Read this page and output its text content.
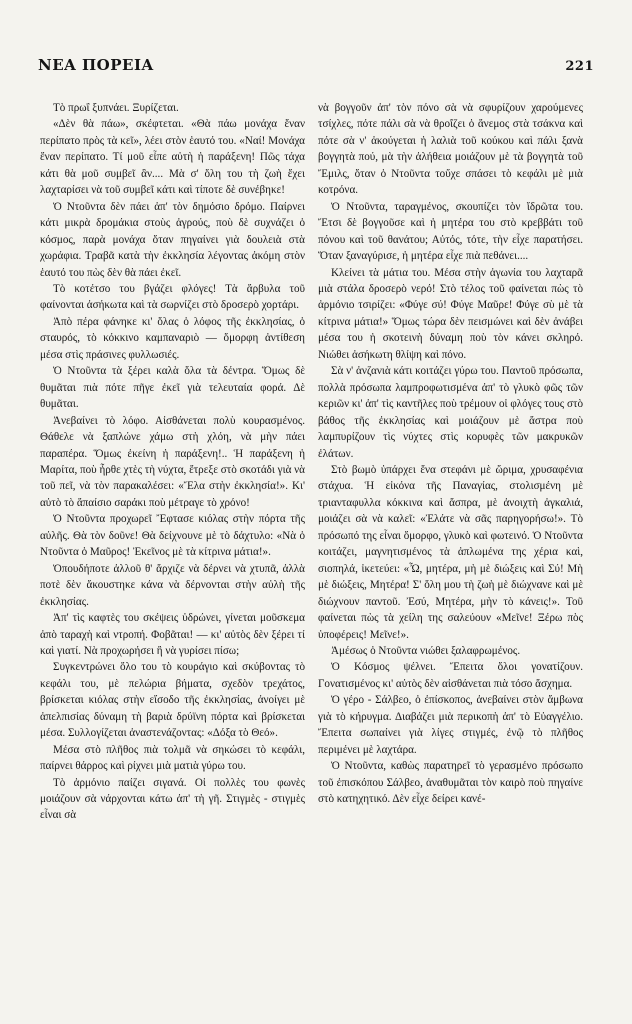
ΝΕΑ ΠΟΡΕΙΑ	221

Τὸ πρωΐ ξυπνάει. Ξυρίζεται.

«Δὲν θὰ πάω», σκέφτεται. «Θὰ πάω μονάχα ἕναν περίπατο πρὸς τὰ κεῖ», λέει στὸν ἑαυτό του. «Ναί! Μονάχα ἕναν περίπατο. Τί μοῦ εἶπε αὐτὴ ἡ παράξενη! Πῶς τάχα κάτι θὰ μοῦ συμβεῖ ἂν.... Μὰ σ' ὅλη του τὴ ζωὴ ἔχει λαχταρίσει νὰ τοῦ συμβεῖ κάτι καὶ τίποτε δὲ συνέβηκε!

Ὁ Ντοῦντα δὲν πάει ἀπ' τὸν δημόσιο δρόμο. Παίρνει κάτι μικρὰ δρομάκια στοὺς ἀγρούς, ποὺ δὲ συχνάζει ὁ κόσμος, παρὰ μονάχα ὅταν πηγαίνει γιὰ δουλειὰ στὰ χωράφια. Τραβᾶ κατὰ τὴν ἐκκλησία λέγοντας ἀκόμη στὸν ἑαυτό του πὼς δὲν θὰ πάει ἐκεῖ.

Τὸ κοτέτσο του βγάζει φλόγες! Τὰ ἄρβυλα τοῦ φαίνονται ἀσήκωτα καὶ τὰ σωρνίζει στὸ δροσερὸ χορτάρι.

Ἀπὸ πέρα φάνηκε κι' ὅλας ὁ λόφος τῆς ἐκκλησίας, ὁ σταυρός, τὸ κόκκινο καμπαναριὸ — ὄμορφη ἀντίθεση μέσα στὶς πράσινες φυλλωσιές.

Ὁ Ντοῦντα τὰ ξέρει καλὰ ὅλα τὰ δέντρα. Ὅμως δὲ θυμᾶται πιὰ πότε πῆγε ἐκεῖ γιὰ τελευταία φορά. Δὲ θυμᾶται.

Ἀνεβαίνει τὸ λόφο. Αἰσθάνεται πολὺ κουρασμένος. Θάθελε νὰ ξαπλώνε χάμω στὴ χλόη, νὰ μὴν πάει παραπέρα. Ὅμως ἐκείνη ἡ παράξενη!.. Ἡ παράξενη ἡ Μαρίτα, ποὺ ἦρθε χτὲς τὴ νύχτα, ἔτρεξε στὸ σκοτάδι γιὰ νὰ τοῦ πεῖ, νὰ τὸν παρακαλέσει: «Ἔλα στὴν ἐκκλησία!». Κι' αὐτὸ τὸ ἄπαίσιο σαράκι ποὺ μέτραγε τὸ χρόνο!

Ὁ Ντοῦντα προχωρεῖ Ἔφτασε κιόλας στὴν πόρτα τῆς αὐλῆς. Θὰ τὸν δοῦνε! Θὰ δείχνουνε μὲ τὸ δάχτυλο: «Νὰ ὁ Ντοῦντα ὁ Μαῦρος! Ἐκεῖνος μὲ τὰ κίτρινα μάτια!».

Ὁπουδήποτε ἀλλοῦ θ' ἄρχιζε νὰ δέρνει νὰ χτυπᾶ, ἀλλὰ ποτὲ δὲν ἄκουστηκε κάνα νὰ δέρνονται στὴν αὐλὴ τῆς ἐκκλησίας.

Ἀπ' τὶς καφτὲς του σκέψεις ὑδρώνει, γίνεται μοῦσκεμα ἀπὸ ταραχὴ καὶ ντροπή. Φοβᾶται! — κι' αὐτὸς δὲν ξέρει τί καὶ γιατί. Νὰ προχωρήσει ἢ νὰ γυρίσει πίσω;

Συγκεντρώνει ὅλο του τὸ κουράγιο καὶ σκύβοντας τὸ κεφάλι του, μὲ πελώρια βήματα, σχεδὸν τρεχάτος, βρίσκεται κιόλας στὴν εἴσοδο τῆς ἐκκλησίας, ἀνοίγει μὲ ἀπελπισίας δύναμη τὴ βαριὰ δρύϊνη πόρτα καὶ βρίσκεται μέσα. Συλλογίζεται ἀναστενάζοντας: «Δόξα τὸ Θεό».

Μέσα στὸ πλῆθος πιὰ τολμᾶ νὰ σηκώσει τὸ κεφάλι, παίρνει θάρρος καὶ ρίχνει μιὰ ματιὰ γύρω του.

Τὸ ἁρμόνιο παίζει σιγανά. Οἱ πολλὲς του φωνὲς μοιάζουν σὰ νάρχονται κάτω ἀπ' τὴ γῆ. Στιγμὲς - στιγμὲς εἶναι σὰ

νὰ βογγοῦν ἀπ' τὸν πόνο σὰ νὰ σφυρίζουν χαρούμενες τσίχλες, πότε πάλι σὰ νὰ θροΐζει ὁ ἄνεμος στὰ τσάκνα καὶ πότε σὰ ν' ἀκούγεται ἡ λαλιὰ τοῦ κούκου καὶ πάλι ξανὰ βογγητὰ πού, μὰ τὴν ἀλήθεια μοιάζουν μὲ τὰ βογγητὰ τοῦ Ἔμιλς, ὅταν ὁ Ντοῦντα τοὔχε σπάσει τὸ κεφάλι μὲ μιὰ κοτρόνα.

Ὁ Ντοῦντα, ταραγμένος, σκουπίζει τὸν ἵδρῶτα του. Ἔτσι δὲ βογγοῦσε καὶ ἡ μητέρα του στὸ κρεββάτι τοῦ πόνου καὶ τοῦ θανάτου; Αὐτός, τότε, τὴν εἶχε παρατήσει. Ὅταν ξαναγύρισε, ἡ μητέρα εἶχε πιὰ πεθάνει....

Κλείνει τὰ μάτια του. Μέσα στὴν ἀγωνία του λαχταρᾶ μιὰ στάλα δροσερὸ νερό! Στὸ τέλος τοῦ φαίνεται πὼς τὸ ἁρμόνιο τσιρίζει: «Φύγε σύ! Φύγε Μαῦρε! Φύγε σὺ μὲ τὰ κίτρινα μάτια!» Ὅμως τώρα δὲν πεισμώνει καὶ δὲν ἀνάβει μέσα του ἡ σκοτεινὴ δύναμη ποὺ τὸν κάνει σκληρό. Νιώθει ἀσήκωτη θλίψη καὶ πόνο.

Σὰ ν' ἀνζανιὰ κάτι κοιτάζει γύρω του. Παντοῦ πρόσωπα, πολλὰ πρόσωπα λαμπροφωτισμένα ἀπ' τὸ γλυκὸ φῶς τῶν κεριῶν κι' ἀπ' τὶς καντῆλες ποὺ τρέμουν οἱ φλόγες τους στὸ βάθος τῆς ἐκκλησίας καὶ μοιάζουν μὲ ἄστρα ποὺ λαμπυρίζουν τὶς νύχτες στὶς κορυφὲς τῶν μακρυκῶν ἐλάτων.

Στὸ βωμὸ ὑπάρχει ἕνα στεφάνι μὲ ὥριμα, χρυσαφένια στάχυα. Ἡ εἰκόνα τῆς Παναγίας, στολισμένη μὲ τριανταφυλλα κόκκινα καὶ ἄσπρα, μὲ ἀνοιχτὴ ἀγκαλιά, μοιάζει σὰ νὰ καλεῖ: «Ἐλάτε νὰ σᾶς παρηγορήσω!». Τὸ πρόσωπό της εἶναι ὄμορφο, γλυκὸ καὶ φωτεινό. Ὁ Ντοῦντα κοιτάζει, μαγνητισμένος τὰ ἁπλωμένα της χέρια καὶ, σιοπηλά, ἱκετεύει: «Ὦ, μητέρα, μὴ μὲ διώξεις καὶ Σύ! Μὴ μὲ διώξεις, Μητέρα! Σ' ὅλη μου τὴ ζωὴ μὲ διώχνανε καὶ μὲ διώχνουν παντοῦ. Ἐσύ, Μητέρα, μὴν τὸ κάνεις!». Τοῦ φαίνεται πὼς τὰ χείλη της σαλεύουν «Μεῖνε! Ξέρω πὸς ὑποφέρεις! Μεῖνε!».

Ἀμέσως ὁ Ντοῦντα νιώθει ξαλαφρωμένος.

Ὁ Κόσμος ψέλνει. Ἔπειτα ὅλοι γονατίζουν. Γονατισμένος κι' αὐτὸς δὲν αἰσθάνεται πιὰ τόσο ἄσχημα.

Ὁ γέρο - Σάλβεο, ὁ ἐπίσκοπος, ἀνεβαίνει στὸν ἄμβωνα γιὰ τὸ κήρυγμα. Διαβάζει μιὰ περικοπὴ ἀπ' τὸ Εὐαγγέλιο. Ἔπειτα σωπαίνει γιὰ λίγες στιγμές, ἐνῷ τὸ πλῆθος περιμένει μὲ λαχτάρα.

Ὁ Ντοῦντα, καθὼς παρατηρεῖ τὸ γερασμένο πρόσωπο τοῦ ἐπισκόπου Σάλβεο, ἀναθυμᾶται τὸν καιρὸ ποὺ πηγαίνε στὸ κατηχητικό. Δὲν εἶχε δείρει κανέ-
